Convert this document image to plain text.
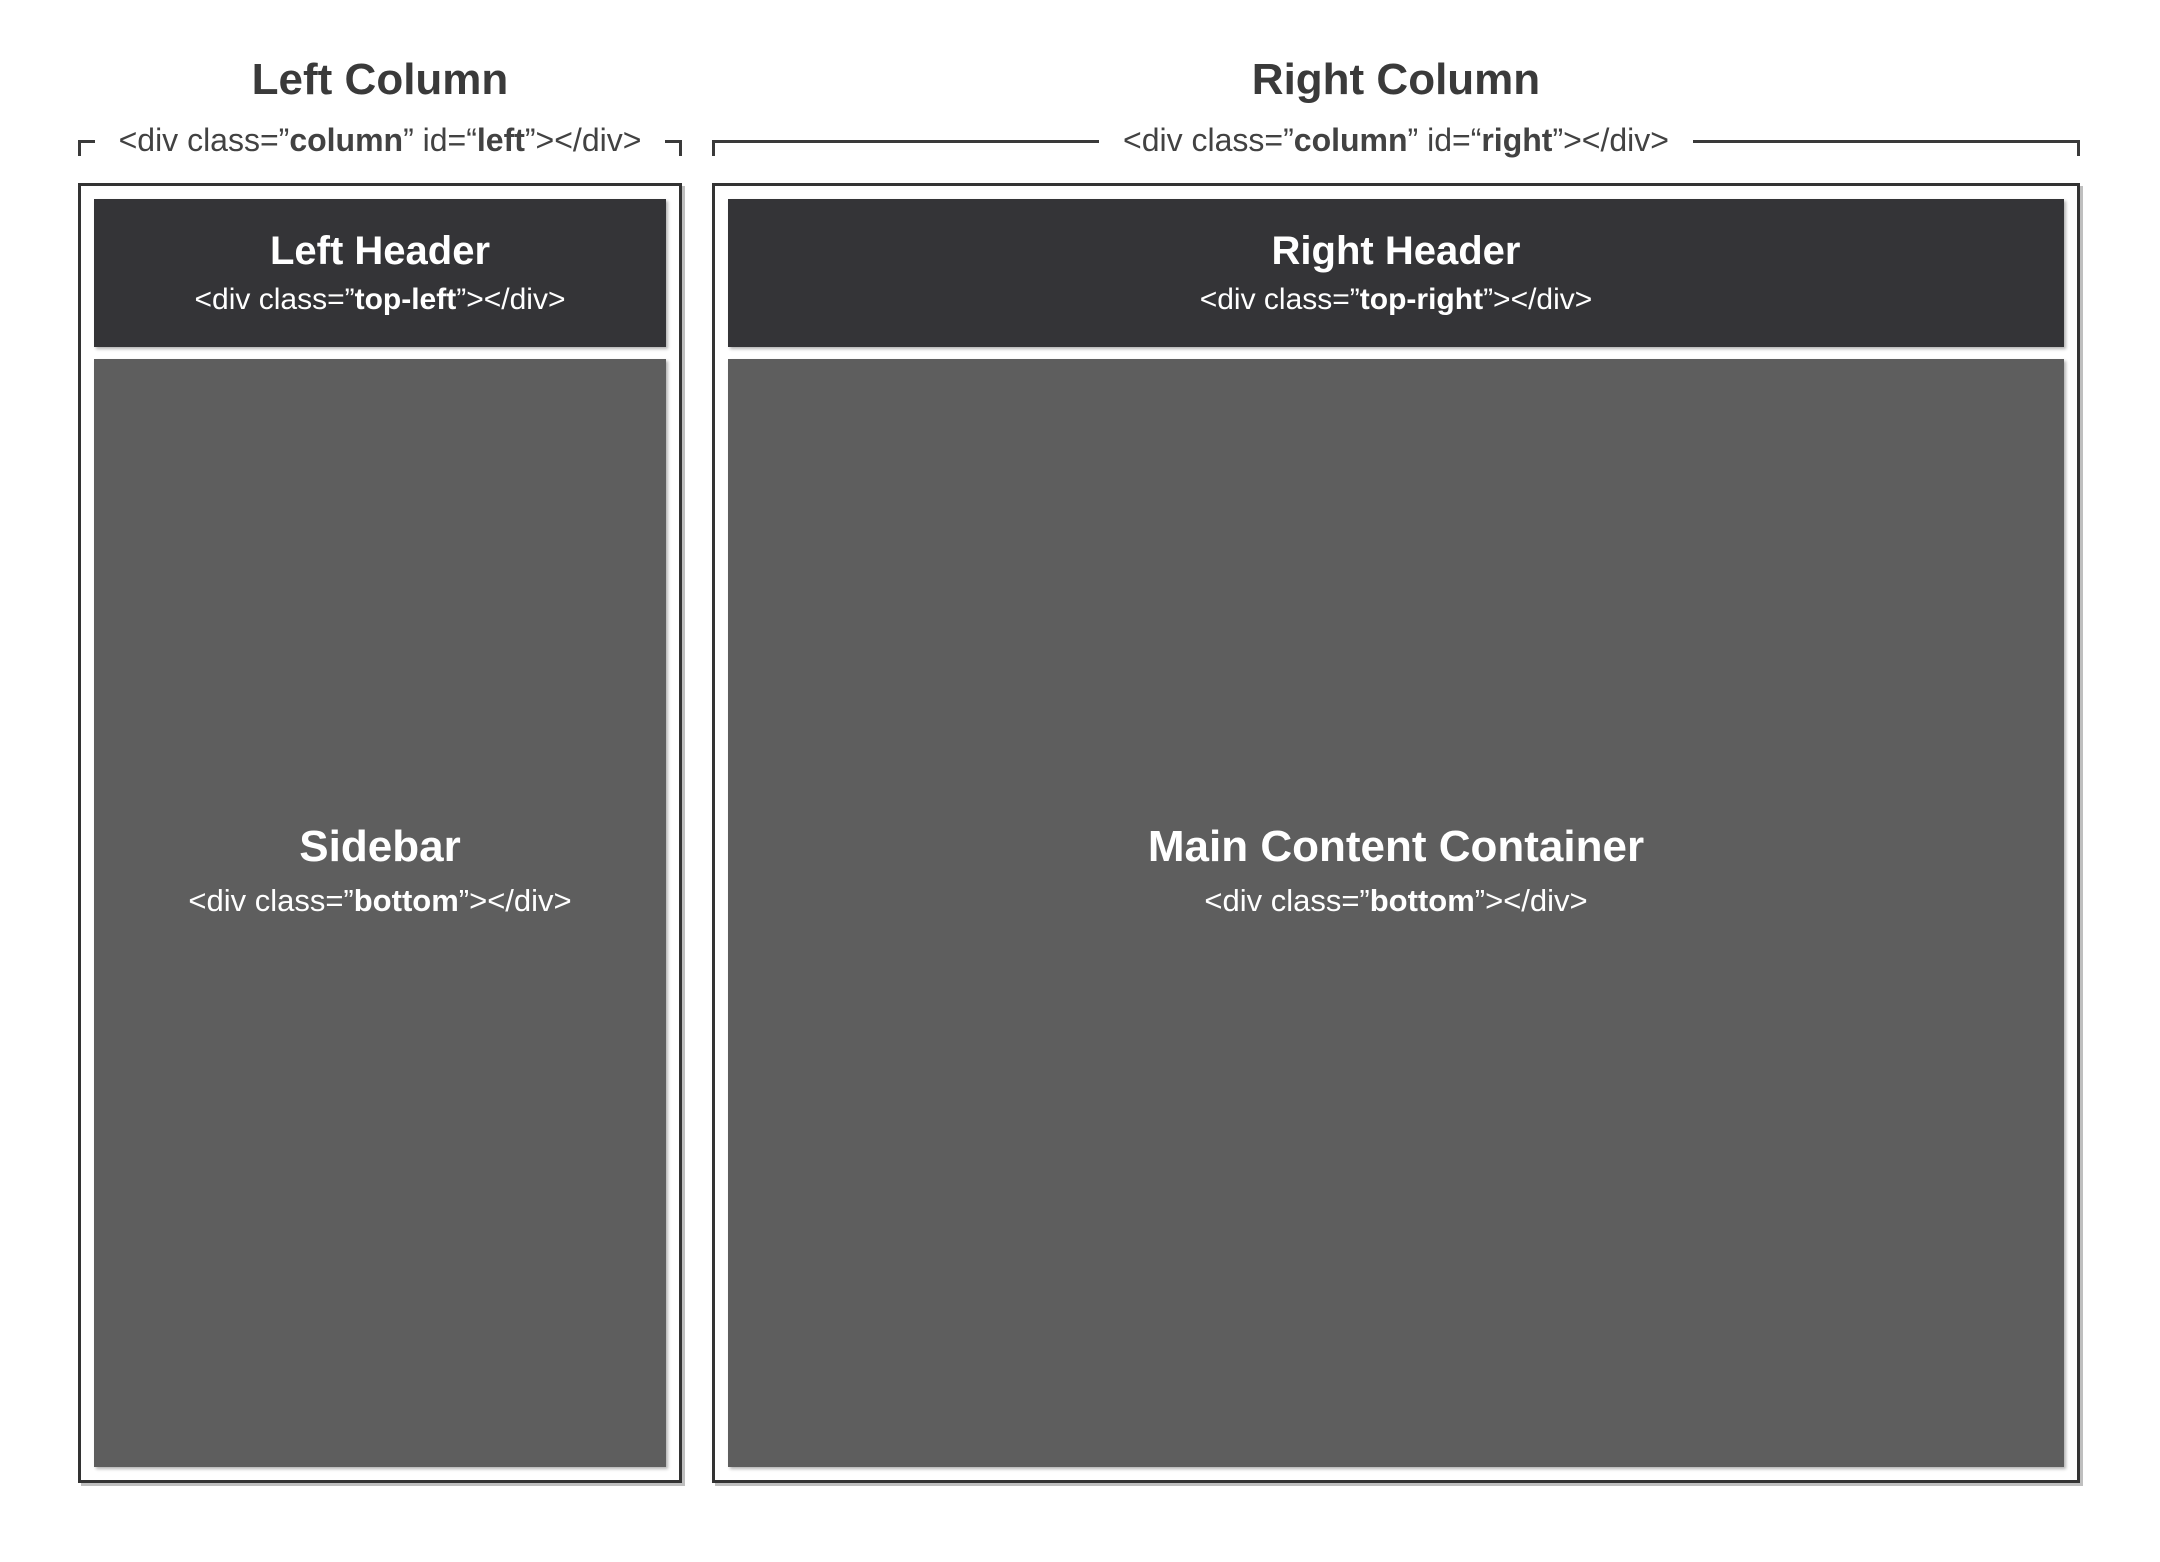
Left Column
<div class=”column” id=“left”></div>
Left Header
<div class=”top-left”></div>
Sidebar
<div class=”bottom”></div>
Right Column
<div class=”column” id=“right”></div>
Right Header
<div class=”top-right”></div>
Main Content Container
<div class=”bottom”></div>
